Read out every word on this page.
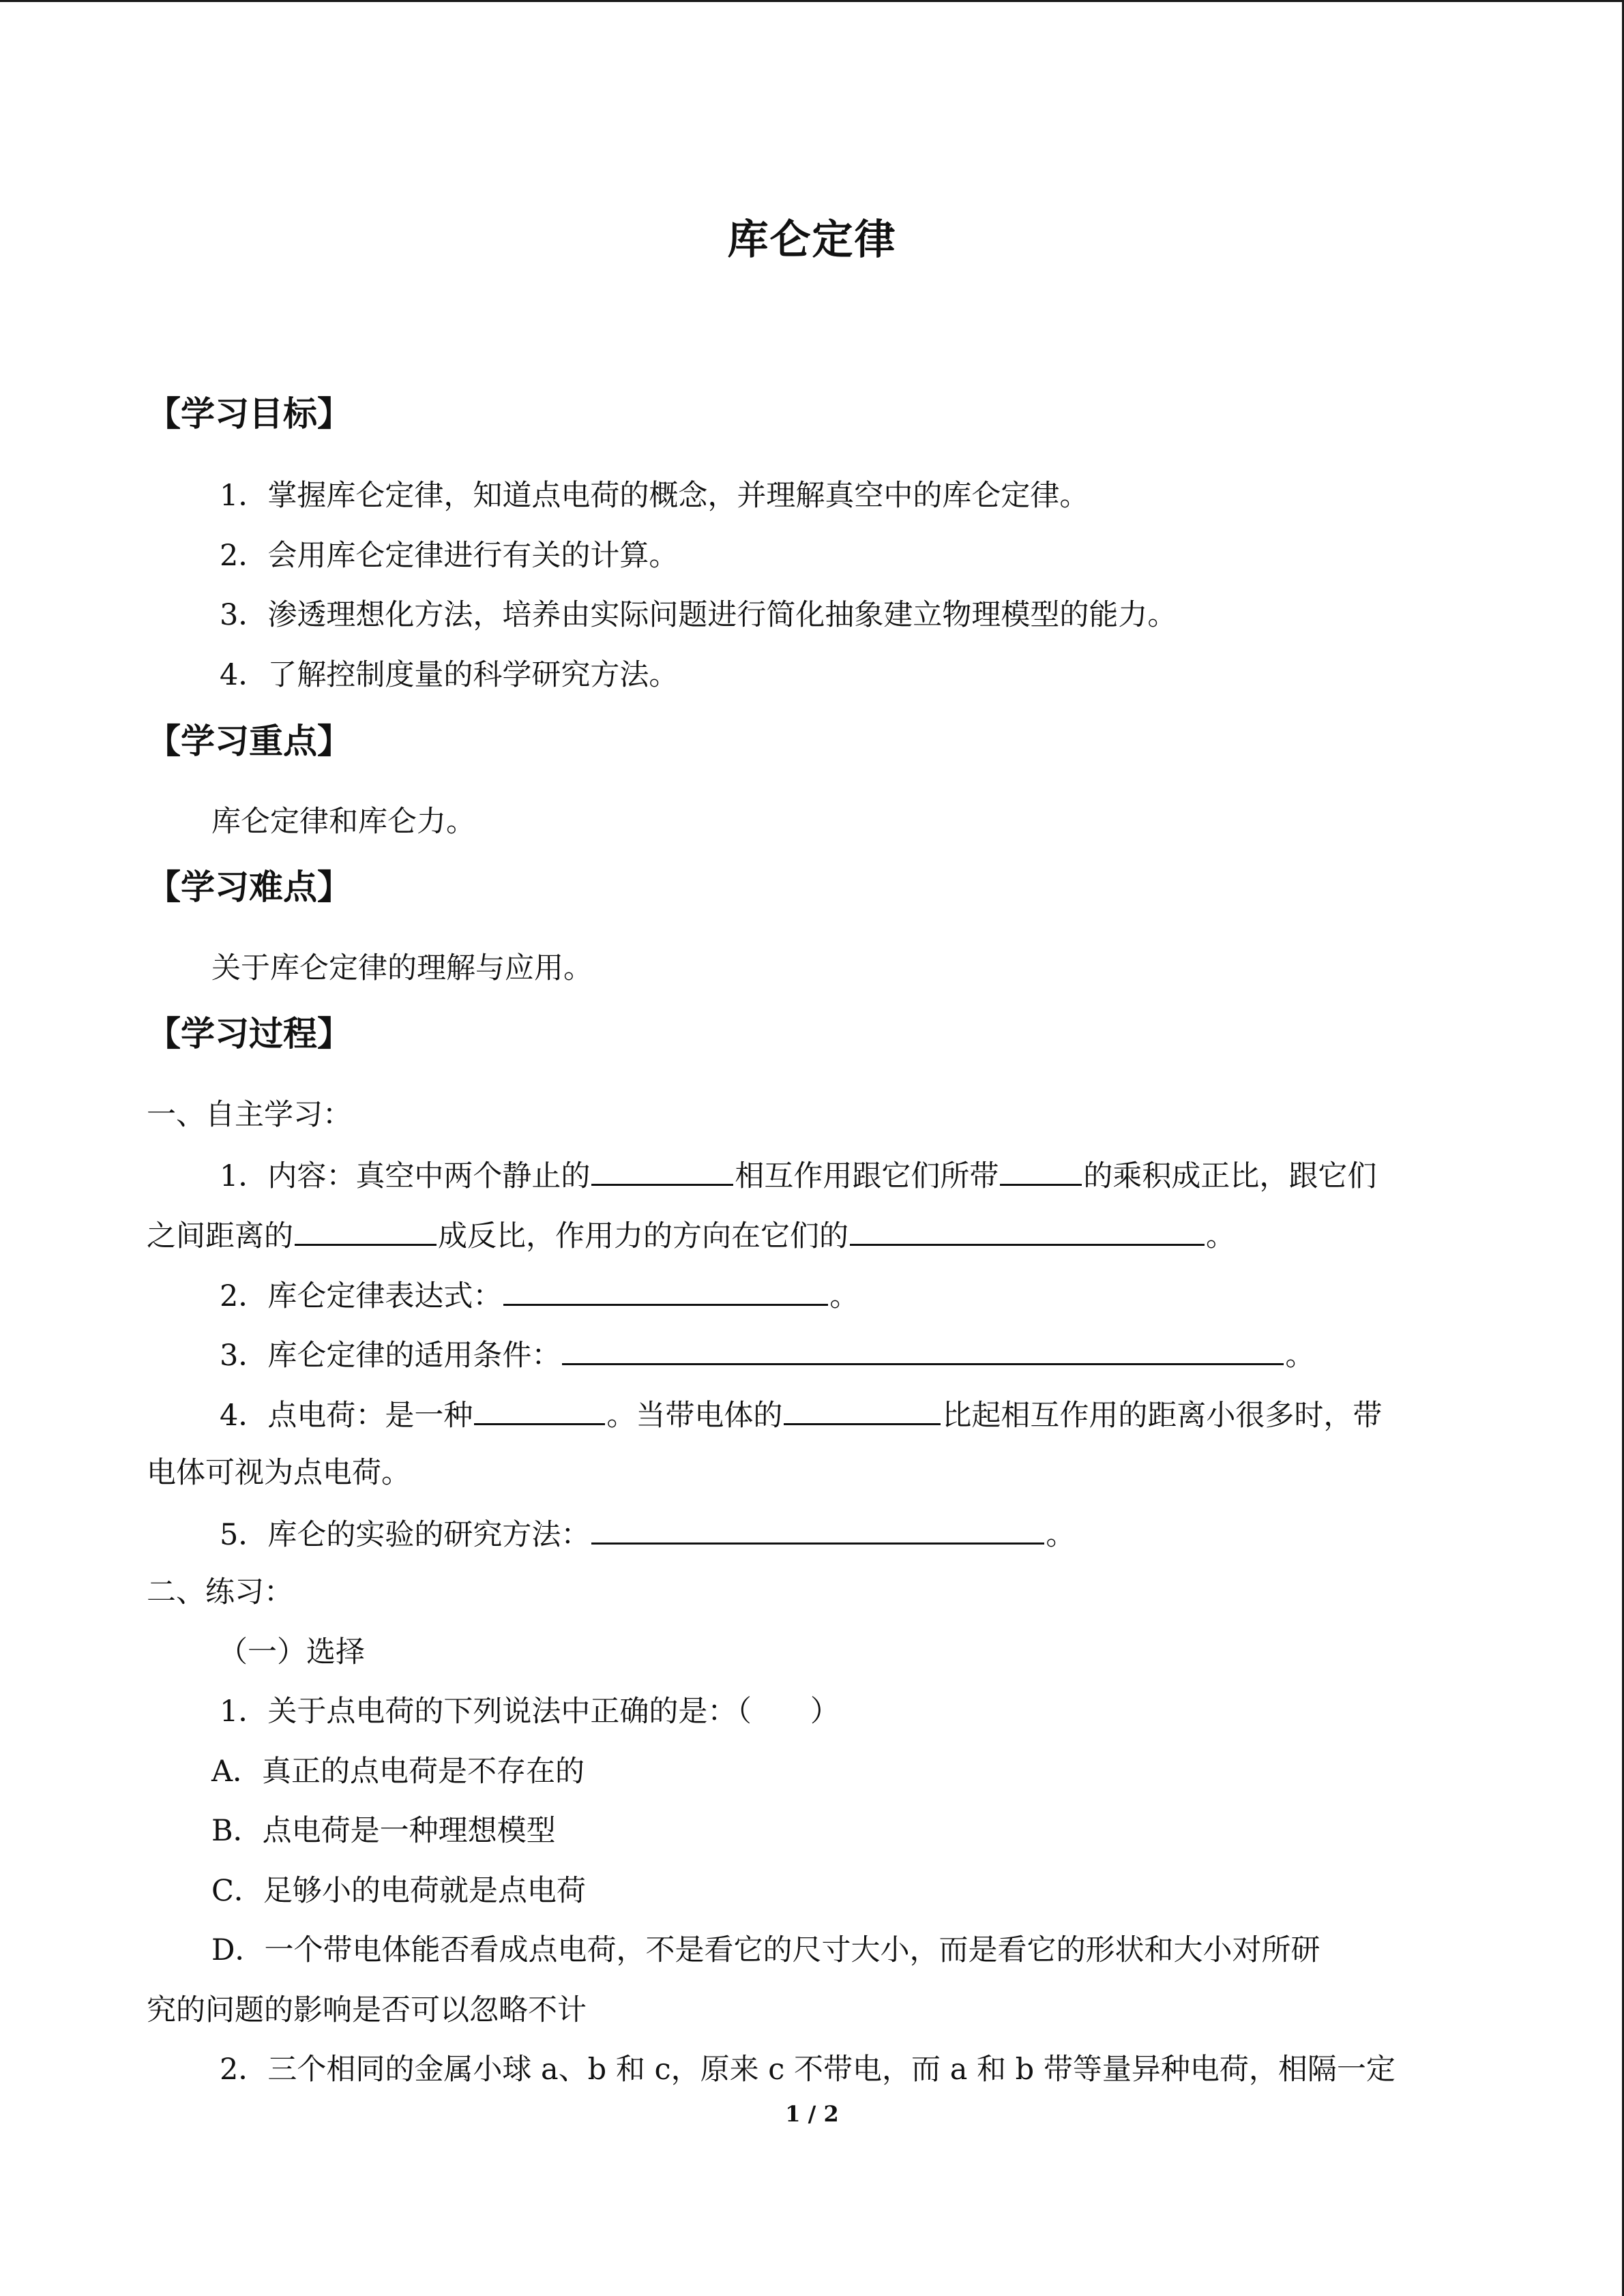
库仑定律
【学习目标】
1．掌握库仑定律，知道点电荷的概念，并理解真空中的库仑定律。
2．会用库仑定律进行有关的计算。
3．渗透理想化方法，培养由实际问题进行简化抽象建立物理模型的能力。
4．了解控制度量的科学研究方法。
【学习重点】
库仑定律和库仑力。
【学习难点】
关于库仑定律的理解与应用。
【学习过程】
一、自主学习：
1．内容：真空中两个静止的	相互作用跟它们所带	的乘积成正比，跟它们
之间距离的	成反比，作用力的方向在它们的	。
2．库仑定律表达式：	。
3．库仑定律的适用条件：	。
4．点电荷：是一种	。当带电体的	比起相互作用的距离小很多时，带
电体可视为点电荷。
5．库仑的实验的研究方法：	。
二、练习：
（一）选择
1．关于点电荷的下列说法中正确的是：（　　）
A．真正的点电荷是不存在的
B．点电荷是一种理想模型
C．足够小的电荷就是点电荷
D．一个带电体能否看成点电荷，不是看它的尺寸大小，而是看它的形状和大小对所研
究的问题的影响是否可以忽略不计
2．三个相同的金属小球 a、b 和 c，原来 c 不带电，而 a 和 b 带等量异种电荷，相隔一定
1 / 2
